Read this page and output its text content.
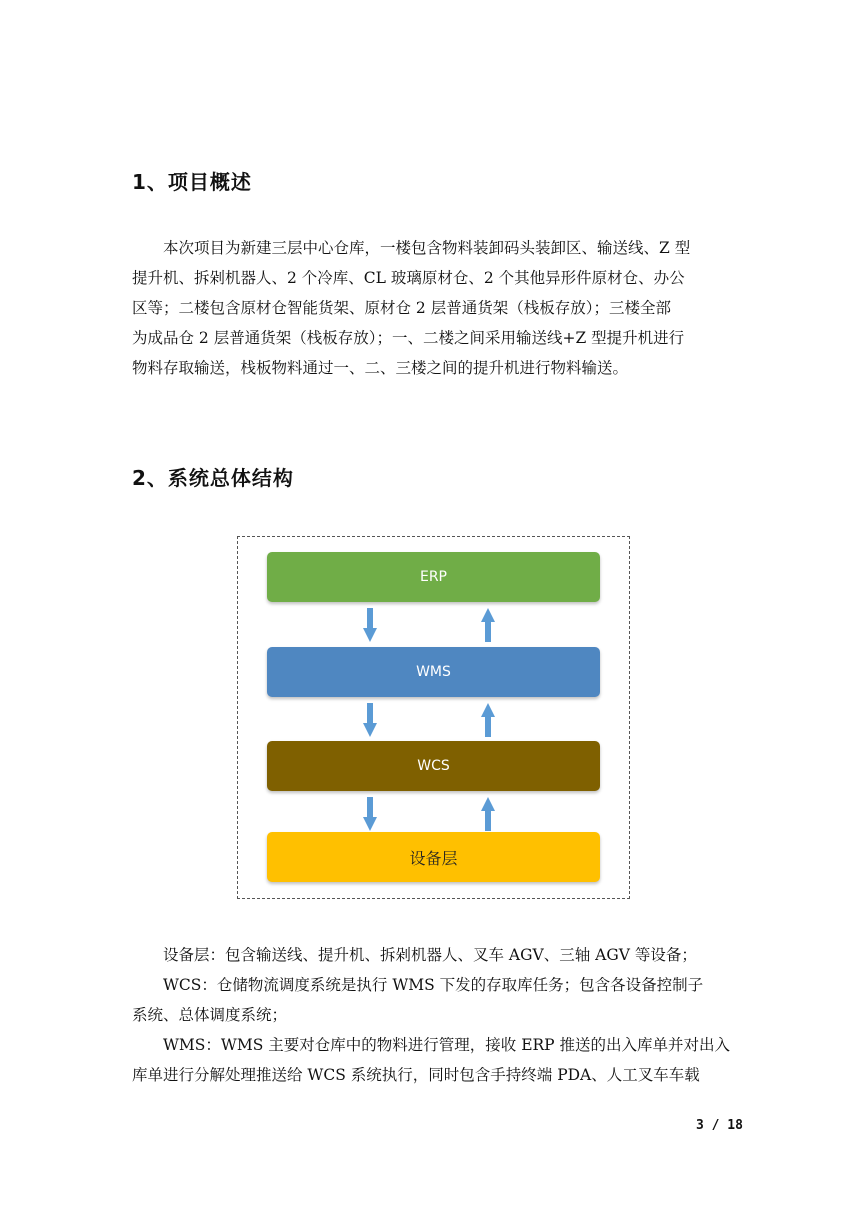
1、项目概述
本次项目为新建三层中心仓库，一楼包含物料装卸码头装卸区、输送线、Z 型
提升机、拆剁机器人、2 个冷库、CL 玻璃原材仓、2 个其他异形件原材仓、办公
区等；二楼包含原材仓智能货架、原材仓 2 层普通货架（栈板存放）；三楼全部
为成品仓 2 层普通货架（栈板存放）；一、二楼之间采用输送线+Z 型提升机进行
物料存取输送，栈板物料通过一、二、三楼之间的提升机进行物料输送。
2、系统总体结构
ERP
WMS
WCS
设备层
设备层：包含输送线、提升机、拆剁机器人、叉车 AGV、三轴 AGV 等设备；
WCS：仓储物流调度系统是执行 WMS 下发的存取库任务；包含各设备控制子
系统、总体调度系统；
WMS：WMS 主要对仓库中的物料进行管理，接收 ERP 推送的出入库单并对出入
库单进行分解处理推送给 WCS 系统执行，同时包含手持终端 PDA、人工叉车车载
3 / 18
